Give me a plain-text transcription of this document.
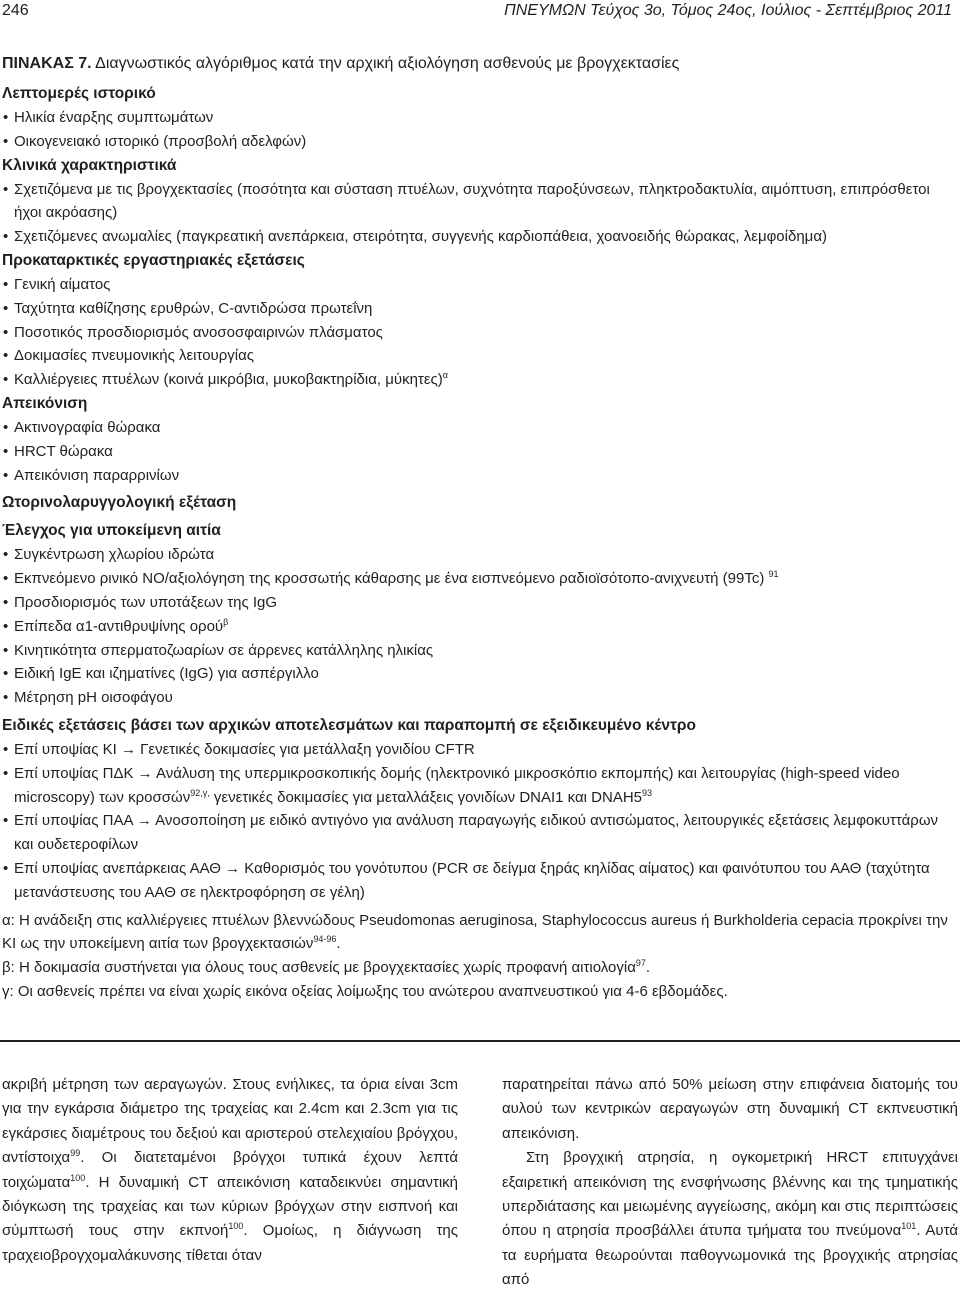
246	ΠΝΕΥΜΩΝ Τεύχος 3ο, Τόμος 24ος, Ιούλιος - Σεπτέμβριος 2011
ΠΙΝΑΚΑΣ 7. Διαγνωστικός αλγόριθμος κατά την αρχική αξιολόγηση ασθενούς με βρογχεκτασίες
Λεπτομερές ιστορικό
• Ηλικία έναρξης συμπτωμάτων
• Οικογενειακό ιστορικό (προσβολή αδελφών)
Κλινικά χαρακτηριστικά
• Σχετιζόμενα με τις βρογχεκτασίες (ποσότητα και σύσταση πτυέλων, συχνότητα παροξύνσεων, πληκτροδακτυλία, αιμόπτυση, επιπρόσθετοι ήχοι ακρόασης)
• Σχετιζόμενες ανωμαλίες (παγκρεατική ανεπάρκεια, στειρότητα, συγγενής καρδιοπάθεια, χοανοειδής θώρακας, λεμφοίδημα)
Προκαταρκτικές εργαστηριακές εξετάσεις
• Γενική αίματος
• Ταχύτητα καθίζησης ερυθρών, C-αντιδρώσα πρωτεΐνη
• Ποσοτικός προσδιορισμός ανοσοσφαιρινών πλάσματος
• Δοκιμασίες πνευμονικής λειτουργίας
• Καλλιέργειες πτυέλων (κοινά μικρόβια, μυκοβακτηρίδια, μύκητες)$^\alpha$
Απεικόνιση
• Ακτινογραφία θώρακα
• HRCT θώρακα
• Απεικόνιση παραρρινίων
Ωτορινολαρυγγολογική εξέταση
Έλεγχος για υποκείμενη αιτία
• Συγκέντρωση χλωρίου ιδρώτα
• Εκπνεόμενο ρινικό NO/αξιολόγηση της κροσσωτής κάθαρσης με ένα εισπνεόμενο ραδιοϊσότοπο-ανιχνευτή (99Tc) $^{91}$
• Προσδιορισμός των υποτάξεων της IgG
• Επίπεδα α1-αντιθρυψίνης ορού$^\beta$
• Κινητικότητα σπερματοζωαρίων σε άρρενες κατάλληλης ηλικίας
• Ειδική IgE και ιζηματίνες (IgG) για ασπέργιλλο
• Μέτρηση pH οισοφάγου
Ειδικές εξετάσεις βάσει των αρχικών αποτελεσμάτων και παραπομπή σε εξειδικευμένο κέντρο
• Επί υποψίας ΚΙ → Γενετικές δοκιμασίες για μετάλλαξη γονιδίου CFTR
• Επί υποψίας ΠΔΚ → Ανάλυση της υπερμικροσκοπικής δομής (ηλεκτρονικό μικροσκόπιο εκπομπής) και λειτουργίας (high-speed video microscopy) των κροσσών$^{92,\gamma,}$ γενετικές δοκιμασίες για μεταλλάξεις γονιδίων DNAI1 και $DNAH5^{93}$
• Επί υποψίας ΠΑΑ → Ανοσοποίηση με ειδικό αντιγόνο για ανάλυση παραγωγής ειδικού αντισώματος, λειτουργικές εξετάσεις λεμφοκυττάρων και ουδετεροφίλων
• Επί υποψίας ανεπάρκειας ΑΑΘ → Καθορισμός του γονότυπου (PCR σε δείγμα ξηράς κηλίδας αίματος) και φαινότυπου του ΑΑΘ (ταχύτητα μετανάστευσης του ΑΑΘ σε ηλεκτροφόρηση σε γέλη)
α: Η ανάδειξη στις καλλιέργειες πτυέλων βλεννώδους Pseudomonas aeruginosa, Staphylococcus aureus ή Burkholderia cepacia προκρίνει την ΚΙ ως την υποκείμενη αιτία των βρογχεκτασιών$^{94-96}$.
β: Η δοκιμασία συστήνεται για όλους τους ασθενείς με βρογχεκτασίες χωρίς προφανή αιτιολογία$^{97}$.
γ: Οι ασθενείς πρέπει να είναι χωρίς εικόνα οξείας λοίμωξης του ανώτερου αναπνευστικού για 4-6 εβδομάδες.

ακριβή μέτρηση των αεραγωγών. Στους ενήλικες, τα όρια είναι 3cm για την εγκάρσια διάμετρο της τραχείας και 2.4cm και 2.3cm για τις εγκάρσιες διαμέτρους του δεξιού και αριστερού στελεχιαίου βρόγχου, αντίστοιχα$^{99}$. Οι διατεταμένοι βρόγχοι τυπικά έχουν λεπτά τοιχώματα$^{100}$. Η δυναμική CT απεικόνιση καταδεικνύει σημαντική διόγκωση της τραχείας και των κύριων βρόγχων στην εισπνοή και σύμπτωσή τους στην εκπνοή$^{100}$. Ομοίως, η διάγνωση της τραχειοβρογχομαλάκυνσης τίθεται όταν

παρατηρείται πάνω από 50% μείωση στην επιφάνεια διατομής του αυλού των κεντρικών αεραγωγών στη δυναμική CT εκπνευστική απεικόνιση.

Στη βρογχική ατρησία, η ογκομετρική HRCT επιτυγχάνει εξαιρετική απεικόνιση της ενσφήνωσης βλέννης και της τμηματικής υπερδιάτασης και μειωμένης αγγείωσης, ακόμη και στις περιπτώσεις όπου η ατρησία προσβάλλει άτυπα τμήματα του πνεύμονα$^{101}$. Αυτά τα ευρήματα θεωρούνται παθογνωμονικά της βρογχικής ατρησίας από
